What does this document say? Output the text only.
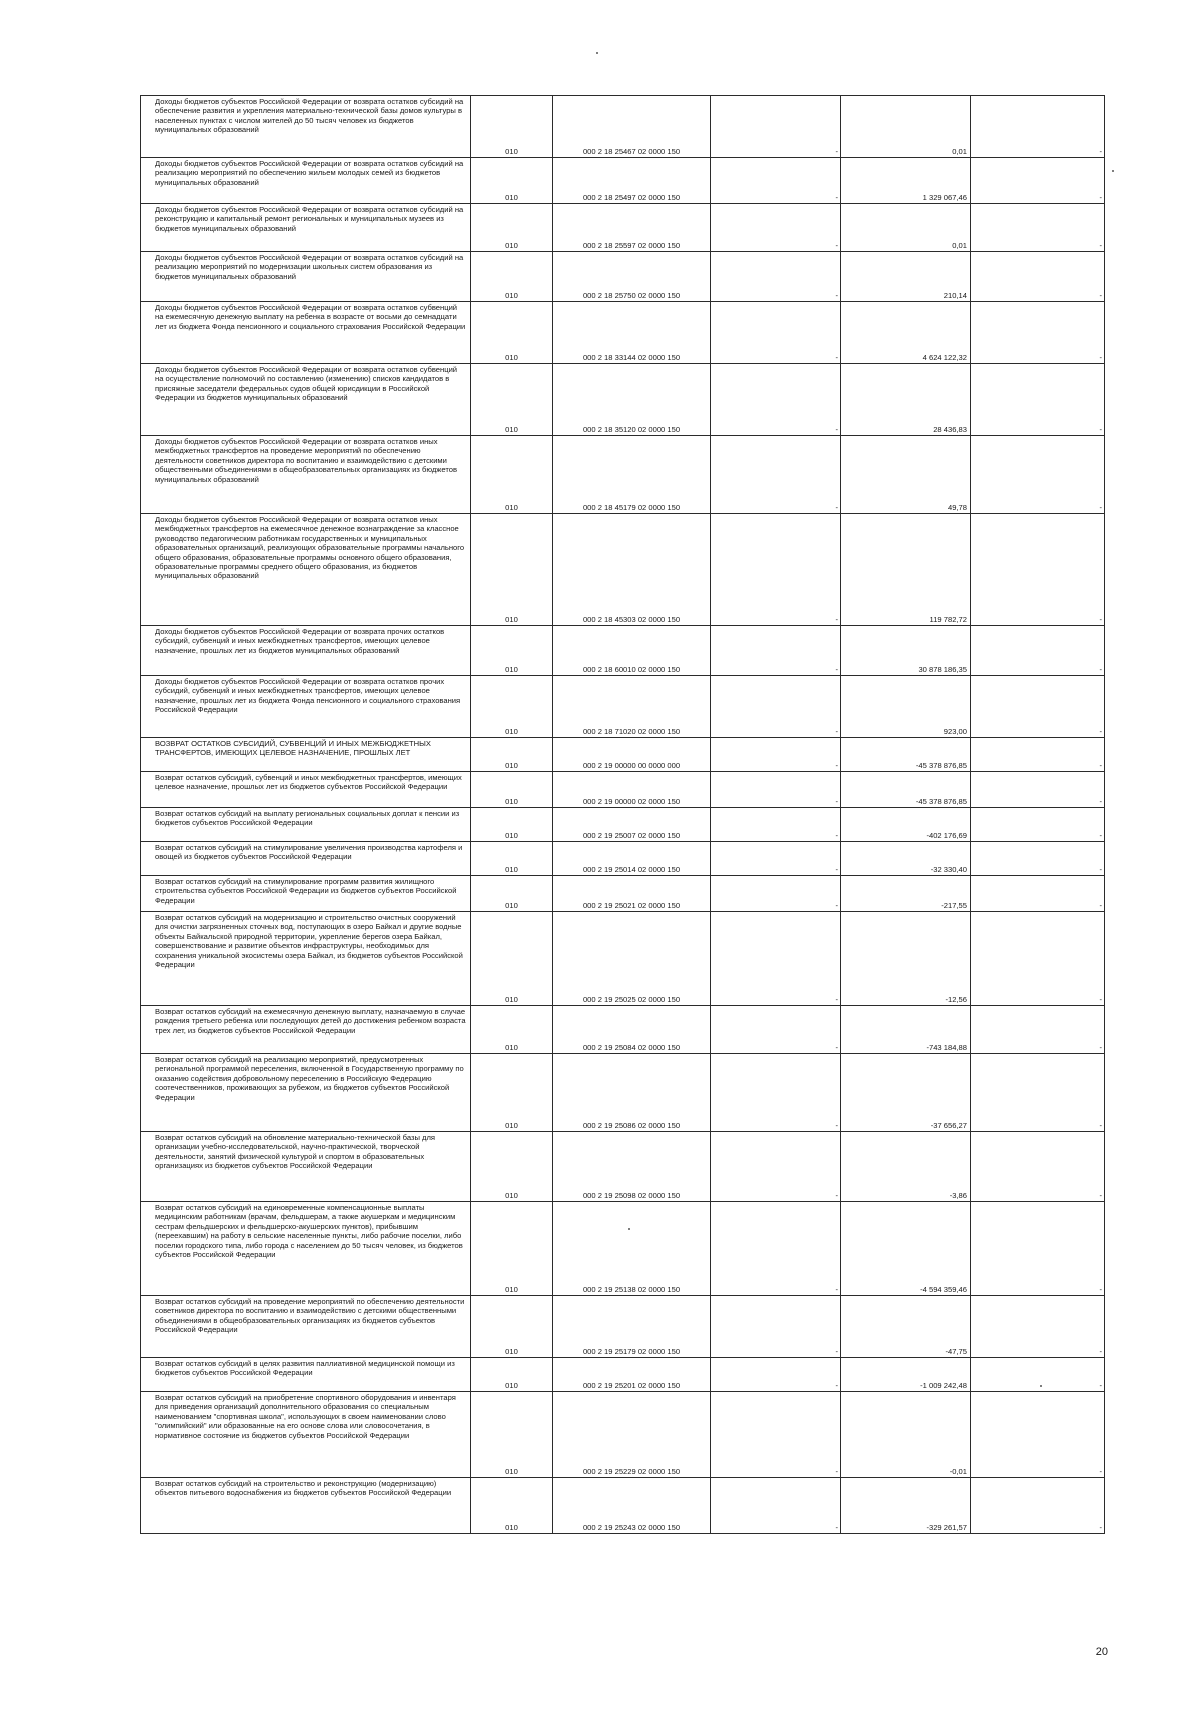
Доходы бюджетов субъектов Российской Федерации от возврата остатков субсидий на обеспечение развития и укрепления материально-технической базы домов культуры в населенных пунктах с числом жителей до 50 тысяч человек из бюджетов муниципальных образований	010	000 2 18 25467 02 0000 150	-	0,01	-
Доходы бюджетов субъектов Российской Федерации от возврата остатков субсидий на реализацию мероприятий по обеспечению жильем молодых семей из бюджетов муниципальных образований	010	000 2 18 25497 02 0000 150	-	1 329 067,46	-
Доходы бюджетов субъектов Российской Федерации от возврата остатков субсидий на реконструкцию и капитальный ремонт региональных и муниципальных музеев из бюджетов муниципальных образований	010	000 2 18 25597 02 0000 150	-	0,01	-
Доходы бюджетов субъектов Российской Федерации от возврата остатков субсидий на реализацию мероприятий по модернизации школьных систем образования из бюджетов муниципальных образований	010	000 2 18 25750 02 0000 150	-	210,14	-
Доходы бюджетов субъектов Российской Федерации от возврата остатков субвенций на ежемесячную денежную выплату на ребенка в возрасте от восьми до семнадцати лет из бюджета Фонда пенсионного и социального страхования Российской Федерации	010	000 2 18 33144 02 0000 150	-	4 624 122,32	-
Доходы бюджетов субъектов Российской Федерации от возврата остатков субвенций на осуществление полномочий по составлению (изменению) списков кандидатов в присяжные заседатели федеральных судов общей юрисдикции в Российской Федерации из бюджетов муниципальных образований	010	000 2 18 35120 02 0000 150	-	28 436,83	-
Доходы бюджетов субъектов Российской Федерации от возврата остатков иных межбюджетных трансфертов на проведение мероприятий по обеспечению деятельности советников директора по воспитанию и взаимодействию с детскими общественными объединениями в общеобразовательных организациях из бюджетов муниципальных образований	010	000 2 18 45179 02 0000 150	-	49,78	-
Доходы бюджетов субъектов Российской Федерации от возврата остатков иных межбюджетных трансфертов на ежемесячное денежное вознаграждение за классное руководство педагогическим работникам государственных и муниципальных образовательных организаций, реализующих образовательные программы начального общего образования, образовательные программы основного общего образования, образовательные программы среднего общего образования, из бюджетов муниципальных образований	010	000 2 18 45303 02 0000 150	-	119 782,72	-
Доходы бюджетов субъектов Российской Федерации от возврата прочих остатков субсидий, субвенций и иных межбюджетных трансфертов, имеющих целевое назначение, прошлых лет из бюджетов муниципальных образований	010	000 2 18 60010 02 0000 150	-	30 878 186,35	-
Доходы бюджетов субъектов Российской Федерации от возврата остатков прочих субсидий, субвенций и иных межбюджетных трансфертов, имеющих целевое назначение, прошлых лет из бюджета Фонда пенсионного и социального страхования Российской Федерации	010	000 2 18 71020 02 0000 150	-	923,00	-
ВОЗВРАТ ОСТАТКОВ СУБСИДИЙ, СУБВЕНЦИЙ И ИНЫХ МЕЖБЮДЖЕТНЫХ ТРАНСФЕРТОВ, ИМЕЮЩИХ ЦЕЛЕВОЕ НАЗНАЧЕНИЕ, ПРОШЛЫХ ЛЕТ	010	000 2 19 00000 00 0000 000	-	-45 378 876,85	-
Возврат остатков субсидий, субвенций и иных межбюджетных трансфертов, имеющих целевое назначение, прошлых лет из бюджетов субъектов Российской Федерации	010	000 2 19 00000 02 0000 150	-	-45 378 876,85	-
Возврат остатков субсидий на выплату региональных социальных доплат к пенсии из бюджетов субъектов Российской Федерации	010	000 2 19 25007 02 0000 150	-	-402 176,69	-
Возврат остатков субсидий на стимулирование увеличения производства картофеля и овощей из бюджетов субъектов Российской Федерации	010	000 2 19 25014 02 0000 150	-	-32 330,40	-
Возврат остатков субсидий на стимулирование программ развития жилищного строительства субъектов Российской Федерации из бюджетов субъектов Российской Федерации	010	000 2 19 25021 02 0000 150	-	-217,55	-
Возврат остатков субсидий на модернизацию и строительство очистных сооружений для очистки загрязненных сточных вод, поступающих в озеро Байкал и другие водные объекты Байкальской природной территории, укрепление берегов озера Байкал, совершенствование и развитие объектов инфраструктуры, необходимых для сохранения уникальной экосистемы озера Байкал, из бюджетов субъектов Российской Федерации	010	000 2 19 25025 02 0000 150	-	-12,56	-
Возврат остатков субсидий на ежемесячную денежную выплату, назначаемую в случае рождения третьего ребенка или последующих детей до достижения ребенком возраста трех лет, из бюджетов субъектов Российской Федерации	010	000 2 19 25084 02 0000 150	-	-743 184,88	-
Возврат остатков субсидий на реализацию мероприятий, предусмотренных региональной программой переселения, включенной в Государственную программу по оказанию содействия добровольному переселению в Российскую Федерацию соотечественников, проживающих за рубежом, из бюджетов субъектов Российской Федерации	010	000 2 19 25086 02 0000 150	-	-37 656,27	-
Возврат остатков субсидий на обновление материально-технической базы для организации учебно-исследовательской, научно-практической, творческой деятельности, занятий физической культурой и спортом в образовательных организациях из бюджетов субъектов Российской Федерации	010	000 2 19 25098 02 0000 150	-	-3,86	-
Возврат остатков субсидий на единовременные компенсационные выплаты медицинским работникам (врачам, фельдшерам, а также акушеркам и медицинским сестрам фельдшерских и фельдшерско-акушерских пунктов), прибывшим (переехавшим) на работу в сельские населенные пункты, либо рабочие поселки, либо поселки городского типа, либо города с населением до 50 тысяч человек, из бюджетов субъектов Российской Федерации	010	000 2 19 25138 02 0000 150	-	-4 594 359,46	-
Возврат остатков субсидий на проведение мероприятий по обеспечению деятельности советников директора по воспитанию и взаимодействию с детскими общественными объединениями в общеобразовательных организациях из бюджетов субъектов Российской Федерации	010	000 2 19 25179 02 0000 150	-	-47,75	-
Возврат остатков субсидий в целях развития паллиативной медицинской помощи из бюджетов субъектов Российской Федерации	010	000 2 19 25201 02 0000 150	-	-1 009 242,48	-
Возврат остатков субсидий на приобретение спортивного оборудования и инвентаря для приведения организаций дополнительного образования со специальным наименованием "спортивная школа", использующих в своем наименовании слово "олимпийский" или образованные на его основе слова или словосочетания, в нормативное состояние из бюджетов субъектов Российской Федерации	010	000 2 19 25229 02 0000 150	-	-0,01	-
Возврат остатков субсидий на строительство и реконструкцию (модернизацию) объектов питьевого водоснабжения из бюджетов субъектов Российской Федерации	010	000 2 19 25243 02 0000 150	-	-329 261,57	-
20
